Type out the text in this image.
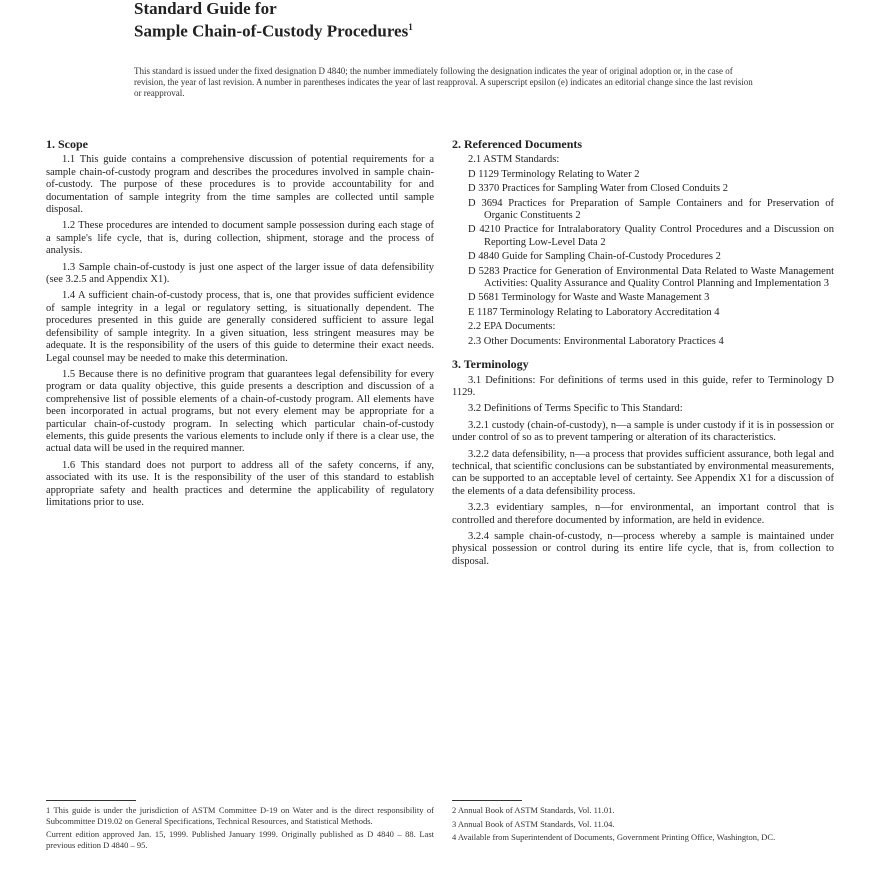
Standard Guide for
Sample Chain-of-Custody Procedures$^1$
This standard is issued under the fixed designation D 4840; the number immediately following the designation indicates the year of original adoption or, in the case of revision, the year of last revision. A number in parentheses indicates the year of last reapproval. A superscript epsilon (e) indicates an editorial change since the last revision or reapproval.
1. Scope

1.1 This guide contains a comprehensive discussion of potential requirements for a sample chain-of-custody program and describes the procedures involved in sample chain-of-custody. The purpose of these procedures is to provide accountability for and documentation of sample integrity from the time samples are collected until sample disposal.

1.2 These procedures are intended to document sample possession during each stage of a sample's life cycle, that is, during collection, shipment, storage and the process of analysis.

1.3 Sample chain-of-custody is just one aspect of the larger issue of data defensibility (see 3.2.5 and Appendix X1).

1.4 A sufficient chain-of-custody process, that is, one that provides sufficient evidence of sample integrity in a legal or regulatory setting, is situationally dependent. The procedures presented in this guide are generally considered sufficient to assure legal defensibility of sample integrity. In a given situation, less stringent measures may be adequate. It is the responsibility of the users of this guide to determine their exact needs. Legal counsel may be needed to make this determination.

1.5 Because there is no definitive program that guarantees legal defensibility for every program or data quality objective, this guide presents a description and discussion of a comprehensive list of possible elements of a chain-of-custody program. All elements have been incorporated in actual programs, but not every element may be appropriate for a particular chain-of-custody program. In selecting which particular chain-of-custody elements, this guide presents the various elements to include only if there is a clear use, the actual data will be used in the required manner.

1.6 This standard does not purport to address all of the safety concerns, if any, associated with its use. It is the responsibility of the user of this standard to establish appropriate safety and health practices and determine the applicability of regulatory limitations prior to use.

2. Referenced Documents
2.1 ASTM Standards:
D 1129 Terminology Relating to Water 2
D 3370 Practices for Sampling Water from Closed Conduits 2
D 3694 Practices for Preparation of Sample Containers and for Preservation of Organic Constituents 2
D 4210 Practice for Intralaboratory Quality Control Procedures and a Discussion on Reporting Low-Level Data 2
D 4840 Guide for Sampling Chain-of-Custody Procedures 2
D 5283 Practice for Generation of Environmental Data Related to Waste Management Activities: Quality Assurance and Quality Control Planning and Implementation 3
D 5681 Terminology for Waste and Waste Management 3
E 1187 Terminology Relating to Laboratory Accreditation 4
2.2 EPA Documents:
2.3 Other Documents: Environmental Laboratory Practices 4
3. Terminology

3.1 Definitions: For definitions of terms used in this guide, refer to Terminology D 1129.

3.2 Definitions of Terms Specific to This Standard:

3.2.1 custody (chain-of-custody), n—a sample is under custody if it is in possession or under control of so as to prevent tampering or alteration of its characteristics.

3.2.2 data defensibility, n—a process that provides sufficient assurance, both legal and technical, that scientific conclusions can be substantiated by environmental measurements, can be supported to an acceptable level of certainty. See Appendix X1 for a discussion of the elements of a data defensibility process.

3.2.3 evidentiary samples, n—for environmental, an important control that is controlled and therefore documented by information, are held in evidence.

3.2.4 sample chain-of-custody, n—process whereby a sample is maintained under physical possession or control during its entire life cycle, that is, from collection to disposal.

1 This guide is under the jurisdiction of ASTM Committee D-19 on Water and is the direct responsibility of Subcommittee D19.02 on General Specifications, Technical Resources, and Statistical Methods.

Current edition approved Jan. 15, 1999. Published January 1999. Originally published as D 4840 – 88. Last previous edition D 4840 – 95.

2 Annual Book of ASTM Standards, Vol. 11.01.

3 Annual Book of ASTM Standards, Vol. 11.04.

4 Available from Superintendent of Documents, Government Printing Office, Washington, DC.
